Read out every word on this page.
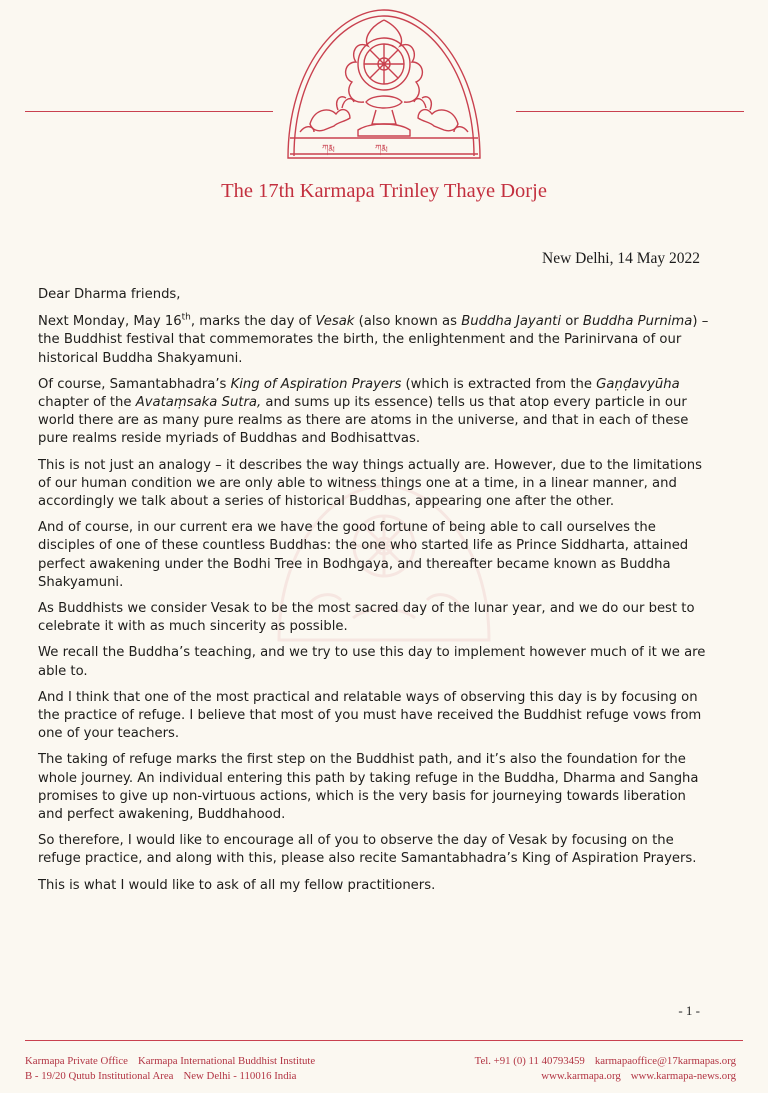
ཀརྨ	ཀརྨ
The 17th Karmapa Trinley Thaye Dorje
New Delhi, 14 May 2022

Dear Dharma friends,

Next Monday, May 16th, marks the day of Vesak (also known as Buddha Jayanti or Buddha Purnima) – the Buddhist festival that commemorates the birth, the enlightenment and the Parinirvana of our historical Buddha Shakyamuni.

Of course, Samantabhadra’s King of Aspiration Prayers (which is extracted from the Gaṇḍavyūha chapter of the Avataṃsaka Sutra, and sums up its essence) tells us that atop every particle in our world there are as many pure realms as there are atoms in the universe, and that in each of these pure realms reside myriads of Buddhas and Bodhisattvas.

This is not just an analogy – it describes the way things actually are. However, due to the limitations of our human condition we are only able to witness things one at a time, in a linear manner, and accordingly we talk about a series of historical Buddhas, appearing one after the other.

And of course, in our current era we have the good fortune of being able to call ourselves the disciples of one of these countless Buddhas: the one who started life as Prince Siddharta, attained perfect awakening under the Bodhi Tree in Bodhgaya, and thereafter became known as Buddha Shakyamuni.

As Buddhists we consider Vesak to be the most sacred day of the lunar year, and we do our best to celebrate it with as much sincerity as possible.

We recall the Buddha’s teaching, and we try to use this day to implement however much of it we are able to.

And I think that one of the most practical and relatable ways of observing this day is by focusing on the practice of refuge. I believe that most of you must have received the Buddhist refuge vows from one of your teachers.

The taking of refuge marks the first step on the Buddhist path, and it’s also the foundation for the whole journey. An individual entering this path by taking refuge in the Buddha, Dharma and Sangha promises to give up non-virtuous actions, which is the very basis for journeying towards liberation and perfect awakening, Buddhahood.

So therefore, I would like to encourage all of you to observe the day of Vesak by focusing on the refuge practice, and along with this, please also recite Samantabhadra’s King of Aspiration Prayers.

This is what I would like to ask of all my fellow practitioners.

- 1 -
Karmapa Private Office Karmapa International Buddhist Institute
B - 19/20 Qutub Institutional Area New Delhi - 110016 India
Tel. +91 (0) 11 40793459 karmapaoffice@17karmapas.org
www.karmapa.org www.karmapa-news.org
